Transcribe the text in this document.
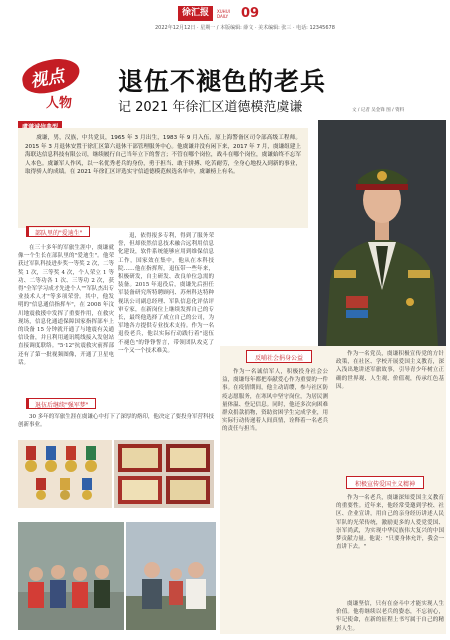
徐汇报	XUHUI DAILY 09
2022年12月12日 · 星期一 / 本版编辑: 薛文 · 美术编辑: 张三 · 电话: 12345678
视点
人物
退伍不褪色的老兵
记 2021 年徐汇区道德模范虞谦	文 / 记者 吴金锋 图 / 资料

虞谦，男，汉族，中共党员，1965 年 3 月出生，1983 年 9 月入伍，原上海警备区司令部高级工程师。2015 年 3 月退休安置于徐汇区第六退休干部管理服务中心。他虞谦并没有闲下来，2017 年 7 月，虞谦组建上海联达信息科技有限公司，继续履行自己当年立下的誓言；不管在哪个岗位，战斗在哪个岗位，虞谦始终不忘军人本色。虞谦军人作风，以一名优秀老兵的身份，勇于担当、敢于拼搏、吃苦耐劳，全身心地投入到新的事业，取得骄人的成绩。在 2021 年徐汇区评选实守信道德模范候选名单中，虞谦榜上有名。

部队里的"爱迪生"
在三十多年的军旅生涯中，虞谦就像一个生长在部队里的"爱迪生"。他荣获过军队科技进步奖一等奖 2 次，二等奖 1 次，三等奖 4 次，个人荣立 1 等功、二等功各 1 次、三等功 2 次，获得"全军学习成才先进个人""军队杰出专业技术人才"等多项荣誉。其中，他发明的"信息通信指挥车"，在 2008 年汶川地震救援中发挥了重要作用，在救灾现场，信息化通道保障国家指挥部车上的设备 15 分钟就开通了与地震有关通信设备，并且利用通讯缆线接入发射站直接调度联络。"5·12"抗震救灾前挥部还有了第一批视频图像，开通了卫星电话。
退伍后继续"强军梦"
30 多年的军旅生涯在虞谦心中打下了深厚的烙印，他决定了要投身军营科技创新事业。
退，依得报多专利，得到了服务荣誉，但却依然信息技术融合远利用信息化建设，软件系统能够应用到维保信息工作，国家效在集中，他从在本科技院……他在指挥所，退伍带一些年来，积极研发，自主研发、改良单位急需的装备。2015 年退役后，虞谦先后担任军装备研究所特聘顾问、苏州科达特种视讯公司副总经理、军队信息化评估评审专家，在新岗位上继续发挥自己的专长，最终他选择了成立自己的公司，为军地各方提供专业技术支持。作为一名退役老兵，他以实际行动践行着"退伍不褪色"的铮铮誓言，带领团队攻克了一个又一个技术难关。
反哺社会捐身公益
作为一名诚信军人，积极投身社会公益，虞谦每年都把奉献爱心作为重要的一件事。在疫情期间，他主动请缨，参与社区防疫志愿服务，在寒风中坚守岗位，为居民测量体温、登记信息。同时，他还多次向困难群众捐款捐物，资助贫困学生完成学业，用实际行动传递着人间真情，诠释着一名老兵的责任与担当。
作为一名党员，虞谦积极宣传党的方针政策，在社区、学校开展爱国主义教育，深入浅出地讲述军旅故事，引导青少年树立正确的世界观、人生观、价值观，传承红色基因。
积极宣传爱国主义精神
作为一名老兵，虞谦深知爱国主义教育的重要性。近年来，他经常受邀到学校、社区、企业宣讲，用自己的亲身经历讲述人民军队的光荣传统，激励更多的人爱党爱国、崇军尚武，为实现中华民族伟大复兴的中国梦贡献力量。他说："只要身体允许，我会一直讲下去。"
虞谦坚信，只有在奋斗中才能实现人生价值。他将继续以老兵的姿态，不忘初心，牢记使命，在新的征程上书写属于自己的精彩人生。
